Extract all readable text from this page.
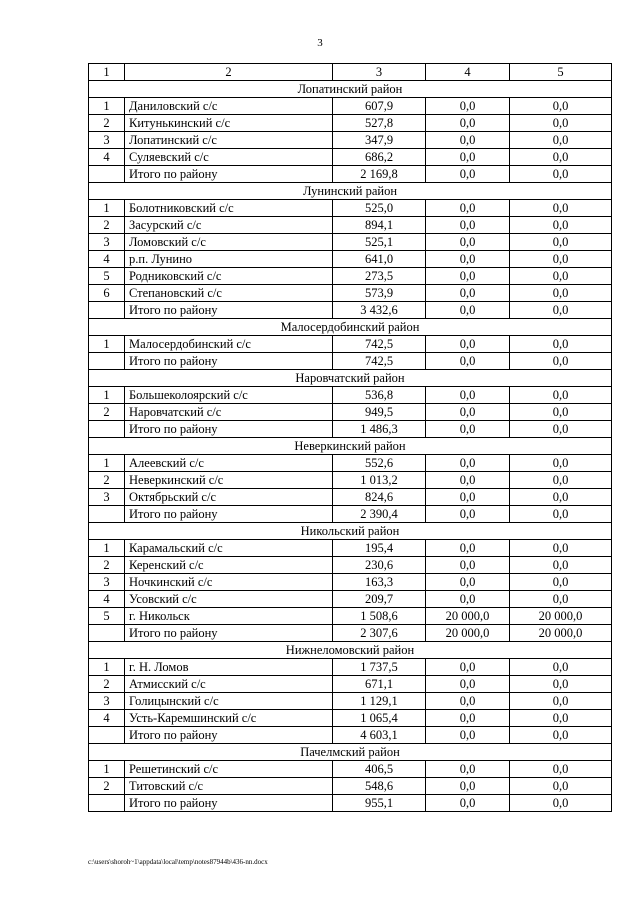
3
1	2	3	4	5
Лопатинский район				
1	Даниловский с/с	607,9	0,0	0,0
2	Китунькинский с/с	527,8	0,0	0,0
3	Лопатинский с/с	347,9	0,0	0,0
4	Суляевский с/с	686,2	0,0	0,0
	Итого по району	2 169,8	0,0	0,0
Лунинский район				
1	Болотниковский с/с	525,0	0,0	0,0
2	Засурский с/с	894,1	0,0	0,0
3	Ломовский с/с	525,1	0,0	0,0
4	р.п. Лунино	641,0	0,0	0,0
5	Родниковский с/с	273,5	0,0	0,0
6	Степановский с/с	573,9	0,0	0,0
	Итого по району	3 432,6	0,0	0,0
Малосердобинский район				
1	Малосердобинский с/с	742,5	0,0	0,0
	Итого по району	742,5	0,0	0,0
Наровчатский район				
1	Большеколоярский с/с	536,8	0,0	0,0
2	Наровчатский с/с	949,5	0,0	0,0
	Итого по району	1 486,3	0,0	0,0
Неверкинский район				
1	Алеевский с/с	552,6	0,0	0,0
2	Неверкинский с/с	1 013,2	0,0	0,0
3	Октябрьский с/с	824,6	0,0	0,0
	Итого по району	2 390,4	0,0	0,0
Никольский район				
1	Карамальский с/с	195,4	0,0	0,0
2	Керенский с/с	230,6	0,0	0,0
3	Ночкинский с/с	163,3	0,0	0,0
4	Усовский с/с	209,7	0,0	0,0
5	г. Никольск	1 508,6	20 000,0	20 000,0
	Итого по району	2 307,6	20 000,0	20 000,0
Нижнеломовский район				
1	г. Н. Ломов	1 737,5	0,0	0,0
2	Атмисский с/с	671,1	0,0	0,0
3	Голицынский с/с	1 129,1	0,0	0,0
4	Усть-Каремшинский с/с	1 065,4	0,0	0,0
	Итого по району	4 603,1	0,0	0,0
Пачелмский район				
1	Решетинский с/с	406,5	0,0	0,0
2	Титовский с/с	548,6	0,0	0,0
	Итого по району	955,1	0,0	0,0
c:\users\shoroh~1\appdata\local\temp\notes87944b\436-nn.docx
